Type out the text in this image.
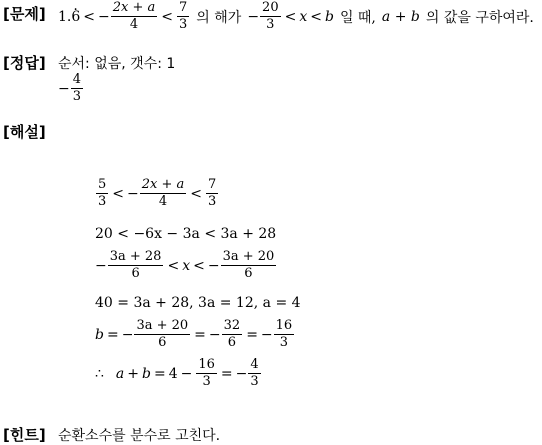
[문제] 1.
. 6 < − $\frac{2x + a}{4} < \frac{7}{3}$ 의 해가 − $\frac{20}{3} < x < b$ 일 때, a + b 의 값을 구하여라.
[정답] 순서: 없음, 갯수: 1
− $\frac{4}{3}$
[해설]
$\frac{5}{3}$ < − $\frac{2x + a}{4} < \frac{7}{3}$
20 < −6x − 3a < 3a + 28
− $\frac{3a + 28}{6} < x$ < − $\frac{3a + 20}{6}$
40 = 3a + 28, 3a = 12, a = 4
b = − $\frac{3a + 20}{6}$ = − $\frac{32}{6}$ = − $\frac{16}{3}$
∴ $a + b = 4 - \frac{16}{3}$ = − $\frac{4}{3}$
[힌트] 순환소수를 분수로 고친다.
